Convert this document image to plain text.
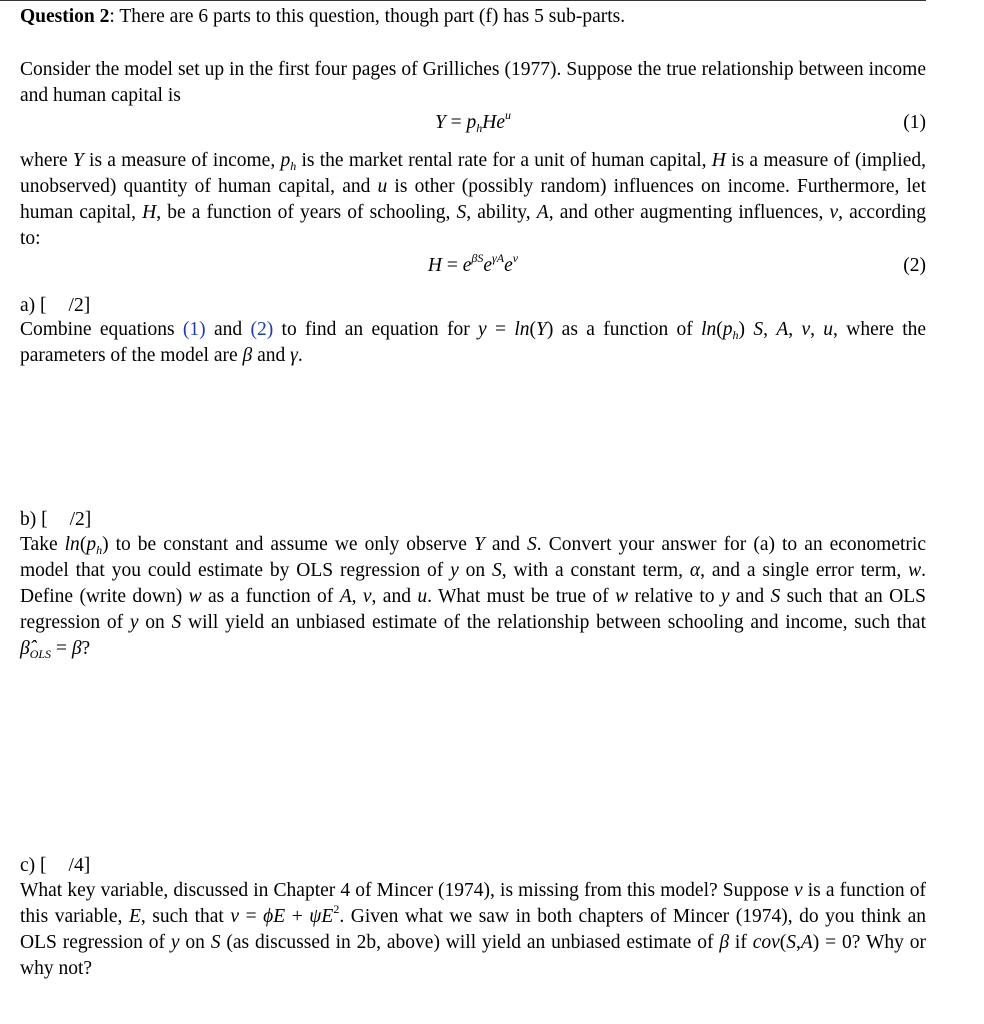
Question 2: There are 6 parts to this question, though part (f) has 5 sub-parts.
Consider the model set up in the first four pages of Grilliches (1977). Suppose the true relationship between income and human capital is
$Y = p_hHe^u$	(1)
where Y is a measure of income, $p_h$ is the market rental rate for a unit of human capital, H is a measure of (implied, unobserved) quantity of human capital, and u is other (possibly random) influences on income. Furthermore, let human capital, H, be a function of years of schooling, S, ability, A, and other augmenting influences, v, according to:
$H = e^{\beta S}e^{\gamma A}e^v$	(2)
a) [ /2]
Combine equations (1) and (2) to find an equation for y = ln(Y) as a function of $\ln(p_h)$ S, A, v, u, where the parameters of the model are β and γ.
b) [ /2]
Take $\ln(p_h)$ to be constant and assume we only observe Y and S. Convert your answer for (a) to an econometric model that you could estimate by OLS regression of y on S, with a constant term, α, and a single error term, w. Define (write down) w as a function of A, v, and u. What must be true of w relative to y and S such that an OLS regression of y on S will yield an unbiased estimate of the relationship between schooling and income, such that $\betâ_{OLS} = \beta$?
c) [ /4]
What key variable, discussed in Chapter 4 of Mincer (1974), is missing from this model? Suppose v is a function of this variable, E, such that $v = \phi E + \psi E^2$. Given what we saw in both chapters of Mincer (1974), do you think an OLS regression of y on S (as discussed in 2b, above) will yield an unbiased estimate of β if cov(S,A) = 0? Why or why not?
